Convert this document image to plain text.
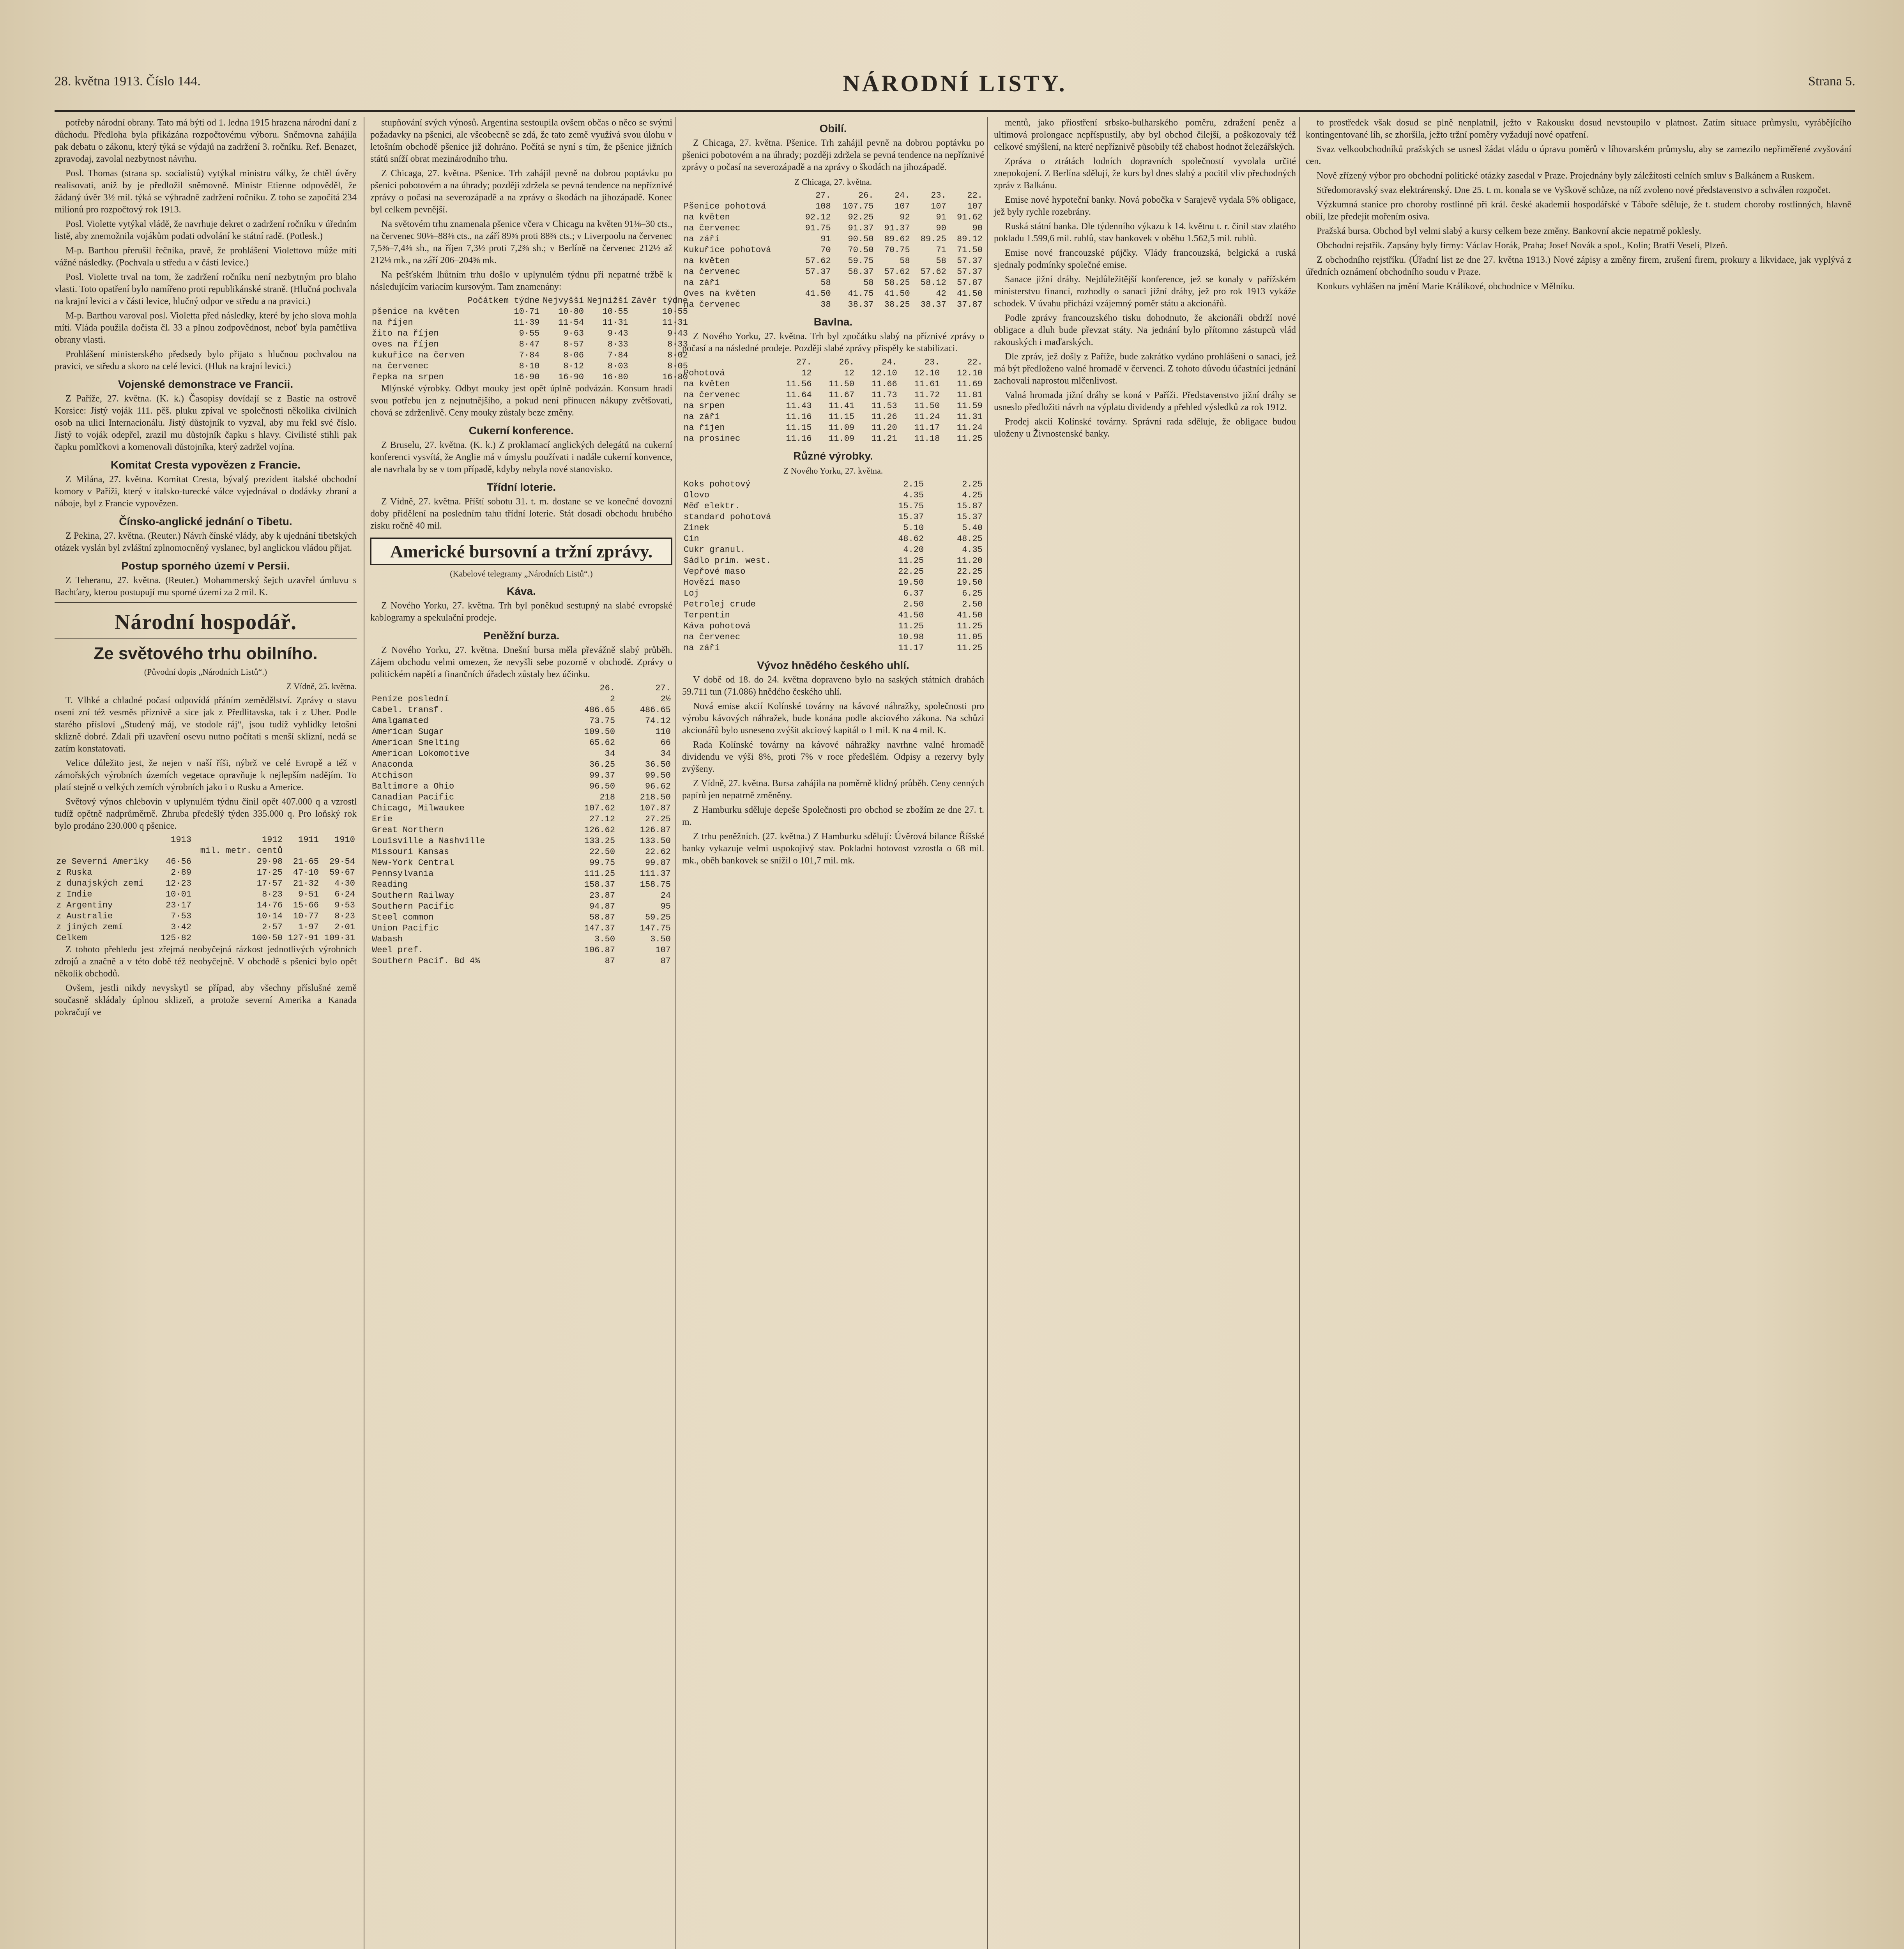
28. května 1913. Číslo 144.	NÁRODNÍ LISTY.	Strana 5.

potřeby národní obrany. Tato má býti od 1. ledna 1915 hrazena národní daní z důchodu. Předloha byla přikázána rozpočtovému výboru. Sněmovna zahájila pak debatu o zákonu, který týká se výdajů na zadržení 3. ročníku. Ref. Benazet, zpravodaj, zavolal nezbytnost návrhu.

Posl. Thomas (strana sp. socialistů) vytýkal ministru války, že chtěl úvěry realisovati, aniž by je předložil sněmovně. Ministr Etienne odpověděl, že žádaný úvěr 3½ mil. týká se výhradně zadržení ročníku. Z toho se započítá 234 milionů pro rozpočtový rok 1913.

Posl. Violette vytýkal vládě, že navrhuje dekret o zadržení ročníku v úředním listě, aby znemožnila vojákům podati odvolání ke státní radě. (Potlesk.)

M-p. Barthou přerušil řečníka, pravě, že prohlášení Violettovo může míti vážné následky. (Pochvala u středu a v části levice.)

Posl. Violette trval na tom, že zadržení ročníku není nezbytným pro blaho vlasti. Toto opatření bylo namířeno proti republikánské straně. (Hlučná pochvala na krajní levici a v části levice, hlučný odpor ve středu a na pravici.)

M-p. Barthou varoval posl. Violetta před následky, které by jeho slova mohla míti. Vláda použila dočista čl. 33 a plnou zodpovědnost, neboť byla pamětliva obrany vlasti.

Prohlášení ministerského předsedy bylo přijato s hlučnou pochvalou na pravici, ve středu a skoro na celé levici. (Hluk na krajní levici.)

Vojenské demonstrace ve Francii.

Z Paříže, 27. května. (K. k.) Časopisy dovídají se z Bastie na ostrově Korsice: Jistý voják 111. pěš. pluku zpíval ve společnosti několika civilních osob na ulici Internacionálu. Jistý důstojník to vyzval, aby mu řekl své číslo. Jistý to voják odepřel, zrazil mu důstojník čapku s hlavy. Civilisté stihli pak čapku pomlčkovi a komenovali důstojníka, který zadržel vojína.

Komitat Cresta vypovězen z Francie.

Z Milána, 27. května. Komitat Cresta, bývalý prezident italské obchodní komory v Paříži, který v italsko-turecké válce vyjednával o dodávky zbraní a náboje, byl z Francie vypovězen.

Čínsko-anglické jednání o Tibetu.

Z Pekina, 27. května. (Reuter.) Návrh čínské vlády, aby k ujednání tibetských otázek vyslán byl zvláštní zplnomocněný vyslanec, byl anglickou vládou přijat.

Postup sporného území v Persii.

Z Teheranu, 27. května. (Reuter.) Mohammerský šejch uzavřel úmluvu s Bachťary, kterou postupují mu sporné území za 2 mil. K.

Národní hospodář.
Ze světového trhu obilního.
(Původní dopis „Národních Listů“.)
Z Vídně, 25. května.

T. Vlhké a chladné počasí odpovídá přáním zemědělství. Zprávy o stavu osení zní též vesměs příznivě a sice jak z Předlitavska, tak i z Uher. Podle starého přísloví „Studený máj, ve stodole ráj“, jsou tudíž vyhlídky letošní sklizně dobré. Zdali při uzavření osevu nutno počítati s menší sklizní, nedá se zatím konstatovati.

Velice důležito jest, že nejen v naší říši, nýbrž ve celé Evropě a též v zámořských výrobních územích vegetace opravňuje k nejlepším nadějím. To platí stejně o velkých zemích výrobních jako i o Rusku a Americe.

Světový výnos chlebovin v uplynulém týdnu činil opět 407.000 q a vzrostl tudíž opětně nadprůměrně. Zhruba předešlý týden 335.000 q. Pro loňský rok bylo prodáno 230.000 q pšenice.

	1913	1912	1911	1910
		mil. metr. centů		
ze Severní Ameriky	46·56	29·98	21·65	29·54
z Ruska	2·89	17·25	47·10	59·67
z dunajských zemí	12·23	17·57	21·32	4·30
z Indie	10·01	8·23	9·51	6·24
z Argentiny	23·17	14·76	15·66	9·53
z Australie	7·53	10·14	10·77	8·23
z jiných zemí	3·42	2·57	1·97	2·01
Celkem	125·82	100·50	127·91	109·31

Z tohoto přehledu jest zřejmá neobyčejná rázkost jednotlivých výrobních zdrojů a značně a v této době též neobyčejně. V obchodě s pšenicí bylo opět několik obchodů.

Ovšem, jestli nikdy nevyskytl se případ, aby všechny příslušné země současně skládaly úplnou sklizeň, a protože severní Amerika a Kanada pokračují ve

stupňování svých výnosů. Argentina sestoupila ovšem občas o něco se svými požadavky na pšenici, ale všeobecně se zdá, že tato země využívá svou úlohu v letošním obchodě pšenice již dohráno. Počítá se nyní s tím, že pšenice jižních států sníží obrat mezinárodního trhu.

Z Chicaga, 27. května. Pšenice. Trh zahájil pevně na dobrou poptávku po pšenici pobotovém a na úhrady; později zdržela se pevná tendence na nepříznivé zprávy o počasí na severozápadě a na zprávy o škodách na jihozápadě. Konec byl celkem pevnější.

Na světovém trhu znamenala pšenice včera v Chicagu na květen 91⅛–30 cts., na červenec 90⅛–88⅜ cts., na září 89⅝ proti 88¾ cts.; v Liverpoolu na červenec 7,5⅝–7,4⅜ sh., na říjen 7,3½ proti 7,2⅜ sh.; v Berlíně na červenec 212½ až 212⅛ mk., na září 206–204⅝ mk.

Na pešťském lhůtním trhu došlo v uplynulém týdnu při nepatrné tržbě k následujícím variacím kursovým. Tam znamenány:

	Počátkem týdne	Nejvyšší	Nejnižší	Závěr týdne
pšenice na květen	10·71	10·80	10·55	10·55
na říjen	11·39	11·54	11·31	11·31
žito na říjen	9·55	9·63	9·43	9·43
oves na říjen	8·47	8·57	8·33	8·33
kukuřice na červen	7·84	8·06	7·84	8·02
na červenec	8·10	8·12	8·03	8·05
řepka na srpen	16·90	16·90	16·80	16·80

Mlýnské výrobky. Odbyt mouky jest opět úplně podvázán. Konsum hradí svou potřebu jen z nejnutnějšího, a pokud není přinucen nákupy zvětšovati, chová se zdrženlivě. Ceny mouky zůstaly beze změny.

Cukerní konference.

Z Bruselu, 27. května. (K. k.) Z proklamací anglických delegátů na cukerní konferenci vysvítá, že Anglie má v úmyslu používati i nadále cukerní konvence, ale navrhala by se v tom případě, kdyby nebyla nové stanovisko.

Třídní loterie.

Z Vídně, 27. května. Příští sobotu 31. t. m. dostane se ve konečné dovozní doby přidělení na posledním tahu třídní loterie. Stát dosadí obchodu hrubého zisku ročně 40 mil.

Americké bursovní a tržní zprávy.
(Kabelové telegramy „Národních Listů“.)
Káva.

Z Nového Yorku, 27. května. Trh byl poněkud sestupný na slabé evropské kablogramy a spekulační prodeje.

Peněžní burza.

Z Nového Yorku, 27. května. Dnešní bursa měla převážně slabý průběh. Zájem obchodu velmi omezen, že nevyšli sebe pozorně v obchodě. Zprávy o politickém napětí a finančních úřadech zůstaly bez účinku.

	26.	27.
Peníze poslední	2	2½
Cabel. transf.	486.65	486.65
Amalgamated	73.75	74.12
American Sugar	109.50	110
American Smelting	65.62	66
American Lokomotive	34	34
Anaconda	36.25	36.50
Atchison	99.37	99.50
Baltimore a Ohio	96.50	96.62
Canadian Pacific	218	218.50
Chicago, Milwaukee	107.62	107.87
Erie	27.12	27.25
Great Northern	126.62	126.87
Louisville a Nashville	133.25	133.50
Missouri Kansas	22.50	22.62
New-York Central	99.75	99.87
Pennsylvania	111.25	111.37
Reading	158.37	158.75
Southern Railway	23.87	24
Southern Pacific	94.87	95
Steel common	58.87	59.25
Union Pacific	147.37	147.75
Wabash	3.50	3.50
Weel pref.	106.87	107
Southern Pacif. Bd 4%	87	87
Obilí.

Z Chicaga, 27. května. Pšenice. Trh zahájil pevně na dobrou poptávku po pšenici pobotovém a na úhrady; později zdržela se pevná tendence na nepříznivé zprávy o počasí na severozápadě a na zprávy o škodách na jihozápadě.

Z Chicaga, 27. května.
	27.	26.	24.	23.	22.
Pšenice pohotová	108	107.75	107	107	107
na květen	92.12	92.25	92	91	91.62
na červenec	91.75	91.37	91.37	90	90
na září	91	90.50	89.62	89.25	89.12
Kukuřice pohotová	70	70.50	70.75	71	71.50
na květen	57.62	59.75	58	58	57.37
na červenec	57.37	58.37	57.62	57.62	57.37
na září	58	58	58.25	58.12	57.87
Oves na květen	41.50	41.75	41.50	42	41.50
na červenec	38	38.37	38.25	38.37	37.87
Bavlna.

Z Nového Yorku, 27. května. Trh byl zpočátku slabý na příznivé zprávy o počasí a na následné prodeje. Později slabé zprávy přispěly ke stabilizaci.

	27.	26.	24.	23.	22.
Pohotová	12	12	12.10	12.10	12.10
na květen	11.56	11.50	11.66	11.61	11.69
na červenec	11.64	11.67	11.73	11.72	11.81
na srpen	11.43	11.41	11.53	11.50	11.59
na září	11.16	11.15	11.26	11.24	11.31
na říjen	11.15	11.09	11.20	11.17	11.24
na prosinec	11.16	11.09	11.21	11.18	11.25
Různé výrobky.
Z Nového Yorku, 27. května.
Koks pohotový	2.15	2.25
Olovo	4.35	4.25
Měď elektr.	15.75	15.87
standard pohotová	15.37	15.37
Zinek	5.10	5.40
Cín	48.62	48.25
Cukr granul.	4.20	4.35
Sádlo prim. west.	11.25	11.20
Vepřové maso	22.25	22.25
Hovězí maso	19.50	19.50
Loj	6.37	6.25
Petrolej crude	2.50	2.50
Terpentin	41.50	41.50
Káva pohotová	11.25	11.25
na červenec	10.98	11.05
na září	11.17	11.25
Vývoz hnědého českého uhlí.

V době od 18. do 24. května dopraveno bylo na saských státních drahách 59.711 tun (71.086) hnědého českého uhlí.

Nová emise akcií Kolínské továrny na kávové náhražky, společnosti pro výrobu kávových náhražek, bude konána podle akciového zákona. Na schůzi akcionářů bylo usneseno zvýšit akciový kapitál o 1 mil. K na 4 mil. K.

Rada Kolínské továrny na kávové náhražky navrhne valné hromadě dividendu ve výši 8%, proti 7% v roce předešlém. Odpisy a rezervy byly zvýšeny.

Z Vídně, 27. května. Bursa zahájila na poměrně klidný průběh. Ceny cenných papírů jen nepatrně změněny.

Z Hamburku sděluje depeše Společnosti pro obchod se zbožím ze dne 27. t. m.

Z trhu peněžních. (27. května.) Z Hamburku sdělují: Úvěrová bilance Říšské banky vykazuje velmi uspokojivý stav. Pokladní hotovost vzrostla o 68 mil. mk., oběh bankovek se snížil o 101,7 mil. mk.

mentů, jako přiostření srbsko-bulharského poměru, zdražení peněz a ultimová prolongace nepříspustily, aby byl obchod čilejší, a poškozovaly též celkové smýšlení, na které nepříznivě působily též chabost hodnot železářských.

Zpráva o ztrátách lodních dopravních společností vyvolala určité znepokojení. Z Berlína sdělují, že kurs byl dnes slabý a pocitil vliv přechodných zpráv z Balkánu.

Emise nové hypoteční banky. Nová pobočka v Sarajevě vydala 5% obligace, jež byly rychle rozebrány.

Ruská státní banka. Dle týdenního výkazu k 14. květnu t. r. činil stav zlatého pokladu 1.599,6 mil. rublů, stav bankovek v oběhu 1.562,5 mil. rublů.

Emise nové francouzské půjčky. Vlády francouzská, belgická a ruská sjednaly podmínky společné emise.

Sanace jižní dráhy. Nejdůležitější konference, jež se konaly v pařížském ministerstvu financí, rozhodly o sanaci jižní dráhy, jež pro rok 1913 vykáže schodek. V úvahu přichází vzájemný poměr státu a akcionářů.

Podle zprávy francouzského tisku dohodnuto, že akcionáři obdrží nové obligace a dluh bude převzat státy. Na jednání bylo přítomno zástupců vlád rakouských i maďarských.

Dle zpráv, jež došly z Paříže, bude zakrátko vydáno prohlášení o sanaci, jež má být předloženo valné hromadě v červenci. Z tohoto důvodu účastníci jednání zachovali naprostou mlčenlivost.

Valná hromada jižní dráhy se koná v Paříži. Představenstvo jižní dráhy se usneslo předložiti návrh na výplatu dividendy a přehled výsledků za rok 1912.

Prodej akcií Kolínské továrny. Správní rada sděluje, že obligace budou uloženy u Živnostenské banky.

to prostředek však dosud se plně nenplatnil, ježto v Rakousku dosud nevstoupilo v platnost. Zatím situace průmyslu, vyrábějícího kontingentované líh, se zhoršila, ježto tržní poměry vyžadují nové opatření.

Svaz velkoobchodníků pražských se usnesl žádat vládu o úpravu poměrů v líhovarském průmyslu, aby se zamezilo nepřiměřené zvyšování cen.

Nově zřízený výbor pro obchodní politické otázky zasedal v Praze. Projednány byly záležitosti celních smluv s Balkánem a Ruskem.

Středomoravský svaz elektrárenský. Dne 25. t. m. konala se ve Vyškově schůze, na níž zvoleno nové představenstvo a schválen rozpočet.

Výzkumná stanice pro choroby rostlinné při král. české akademii hospodářské v Táboře sděluje, že t. studem choroby rostlinných, hlavně obilí, lze předejít mořením osiva.

Pražská bursa. Obchod byl velmi slabý a kursy celkem beze změny. Bankovní akcie nepatrně poklesly.

Obchodní rejstřík. Zapsány byly firmy: Václav Horák, Praha; Josef Novák a spol., Kolín; Bratří Veselí, Plzeň.

Z obchodního rejstříku. (Úřadní list ze dne 27. května 1913.) Nové zápisy a změny firem, zrušení firem, prokury a likvidace, jak vyplývá z úředních oznámení obchodního soudu v Praze.

Konkurs vyhlášen na jmění Marie Králíkové, obchodnice v Mělníku.
